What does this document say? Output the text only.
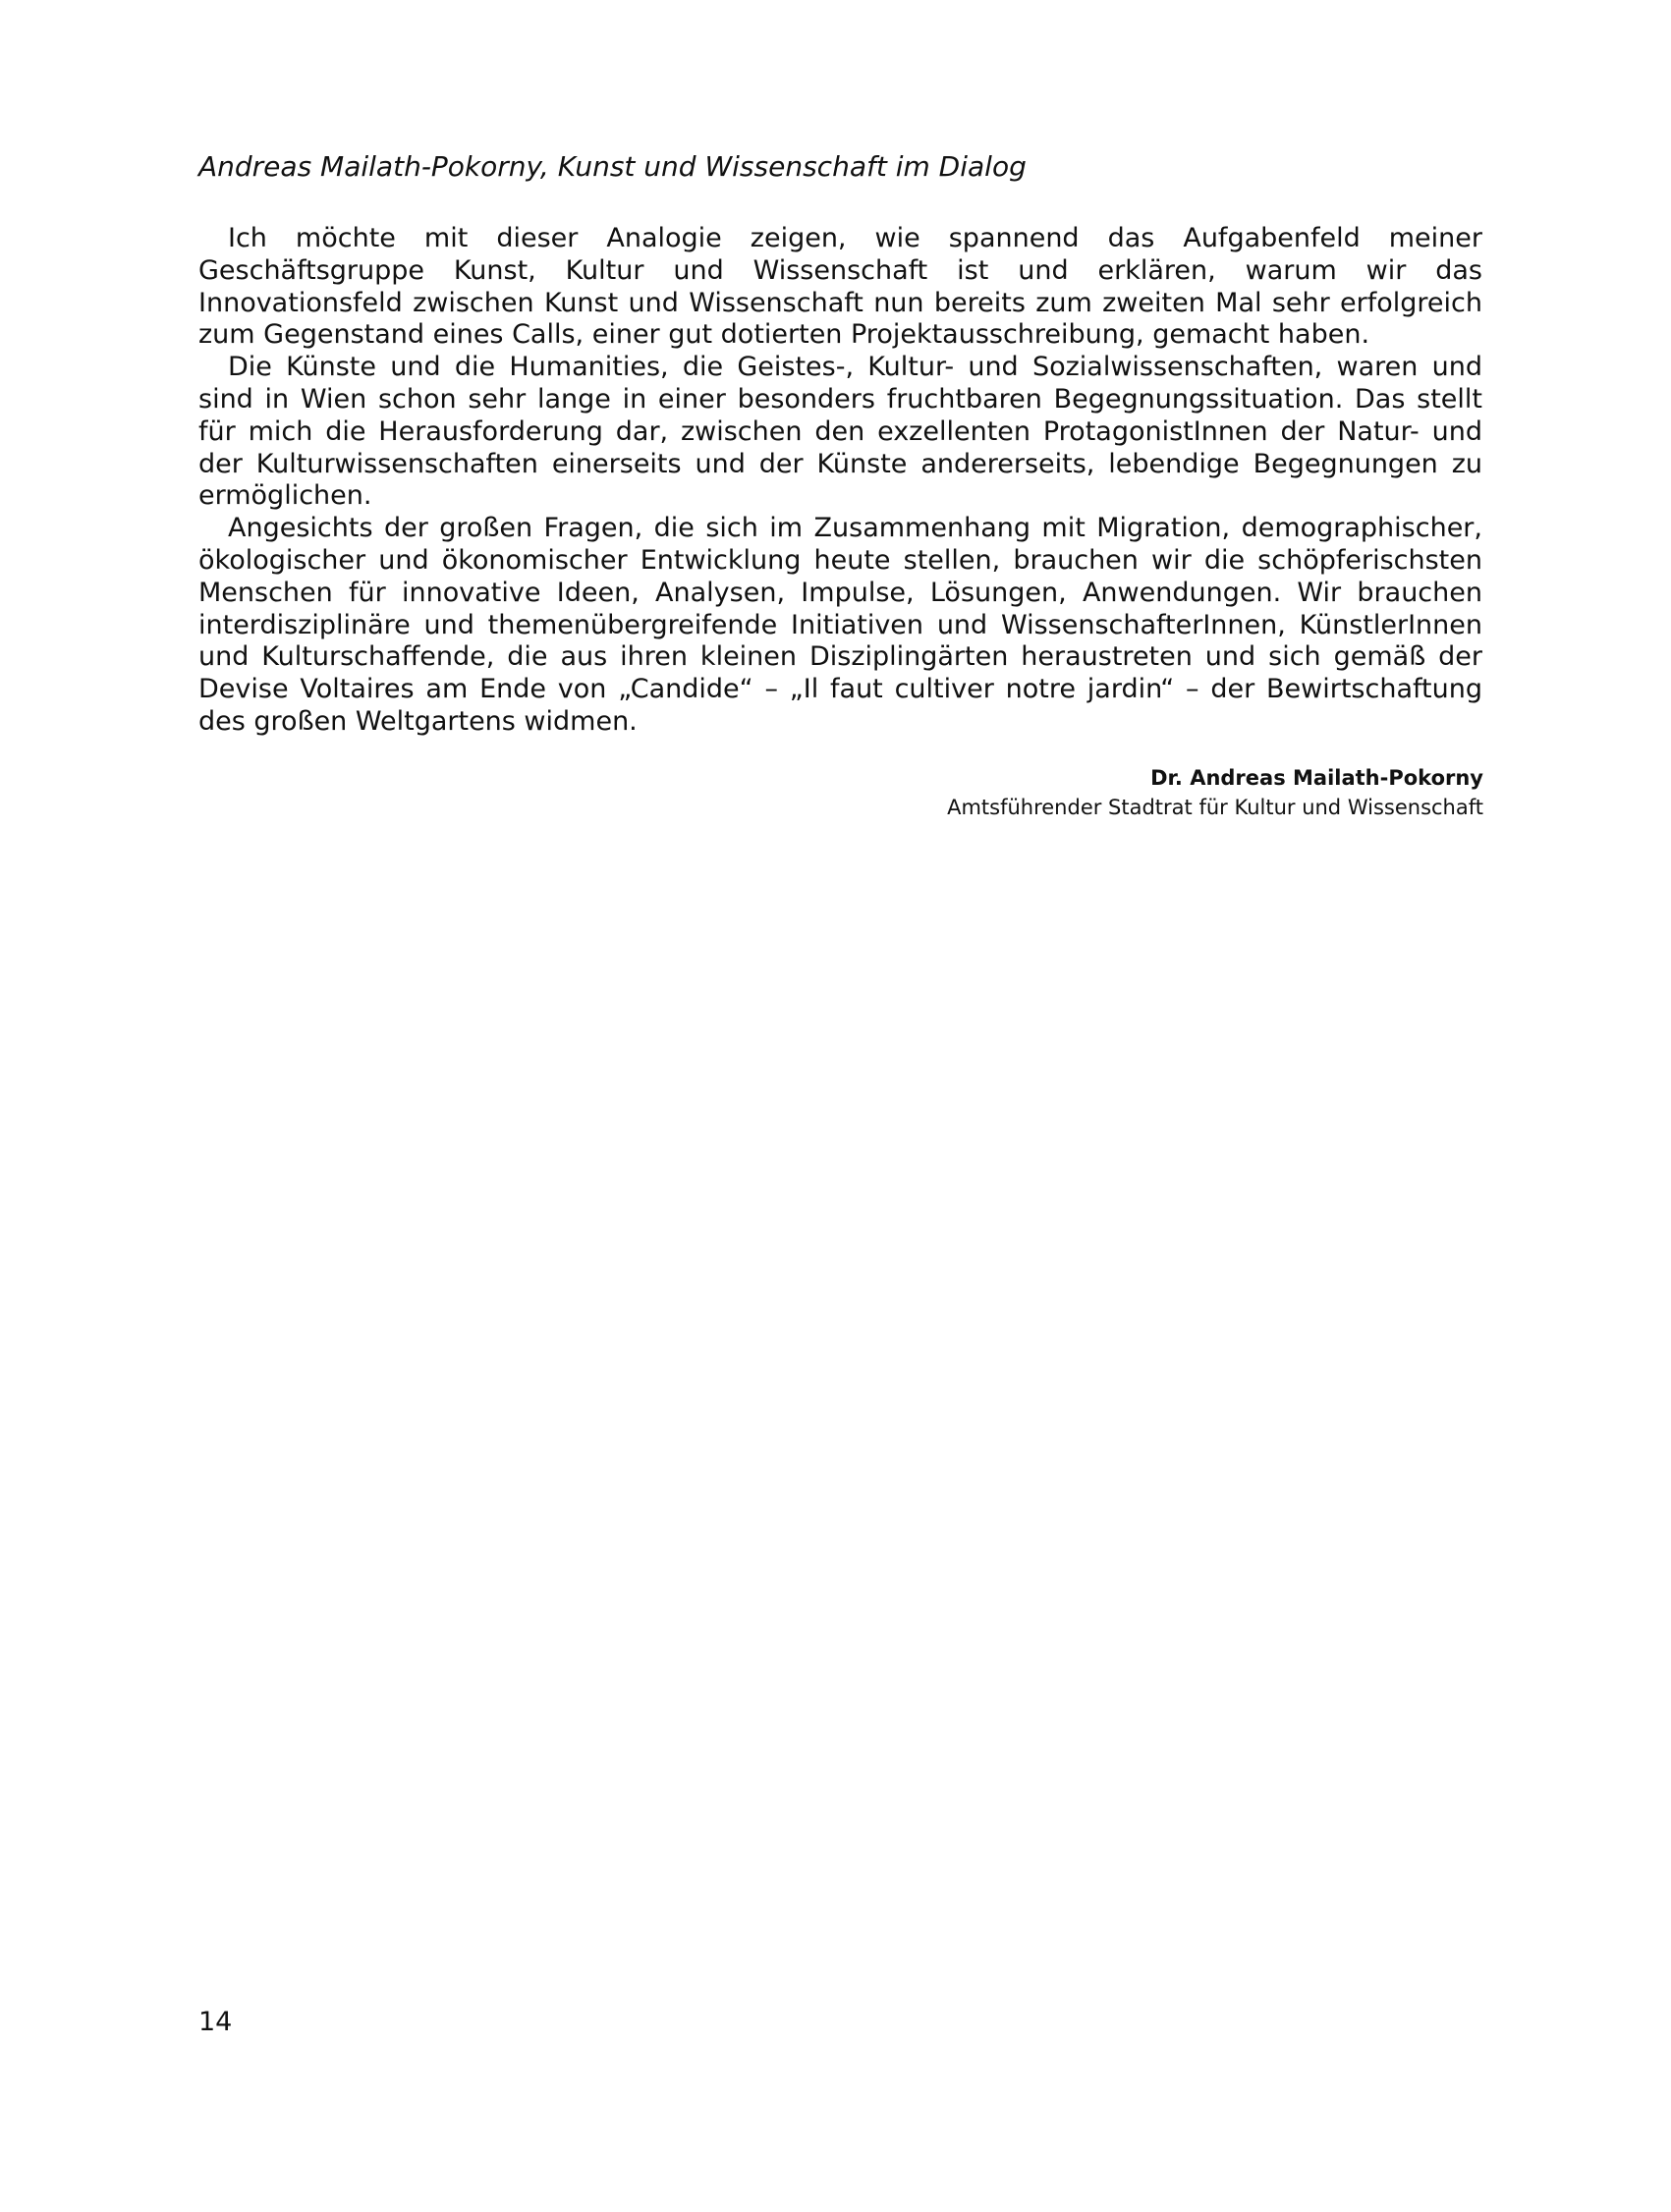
Andreas Mailath-Pokorny, Kunst und Wissenschaft im Dialog

Ich möchte mit dieser Analogie zeigen, wie spannend das Aufgabenfeld meiner Geschäftsgruppe Kunst, Kultur und Wissenschaft ist und erklären, warum wir das Innovationsfeld zwischen Kunst und Wissenschaft nun bereits zum zweiten Mal sehr erfolgreich zum Gegenstand eines Calls, einer gut dotierten Projektausschreibung, gemacht haben.

Die Künste und die Humanities, die Geistes-, Kultur- und Sozialwissenschaften, waren und sind in Wien schon sehr lange in einer besonders fruchtbaren Begegnungssituation. Das stellt für mich die Herausforderung dar, zwischen den exzellenten ProtagonistInnen der Natur- und der Kulturwissenschaften einerseits und der Künste andererseits, lebendige Begegnungen zu ermöglichen.

Angesichts der großen Fragen, die sich im Zusammenhang mit Migration, demographischer, ökologischer und ökonomischer Entwicklung heute stellen, brauchen wir die schöpferischsten Menschen für innovative Ideen, Analysen, Impulse, Lösungen, Anwendungen. Wir brauchen interdisziplinäre und themenübergreifende Initiativen und WissenschafterInnen, KünstlerInnen und Kulturschaffende, die aus ihren kleinen Disziplingärten heraustreten und sich gemäß der Devise Voltaires am Ende von „Candide“ – „Il faut cultiver notre jardin“ – der Bewirtschaftung des großen Weltgartens widmen.

Dr. Andreas Mailath-Pokorny
Amtsführender Stadtrat für Kultur und Wissenschaft
14
